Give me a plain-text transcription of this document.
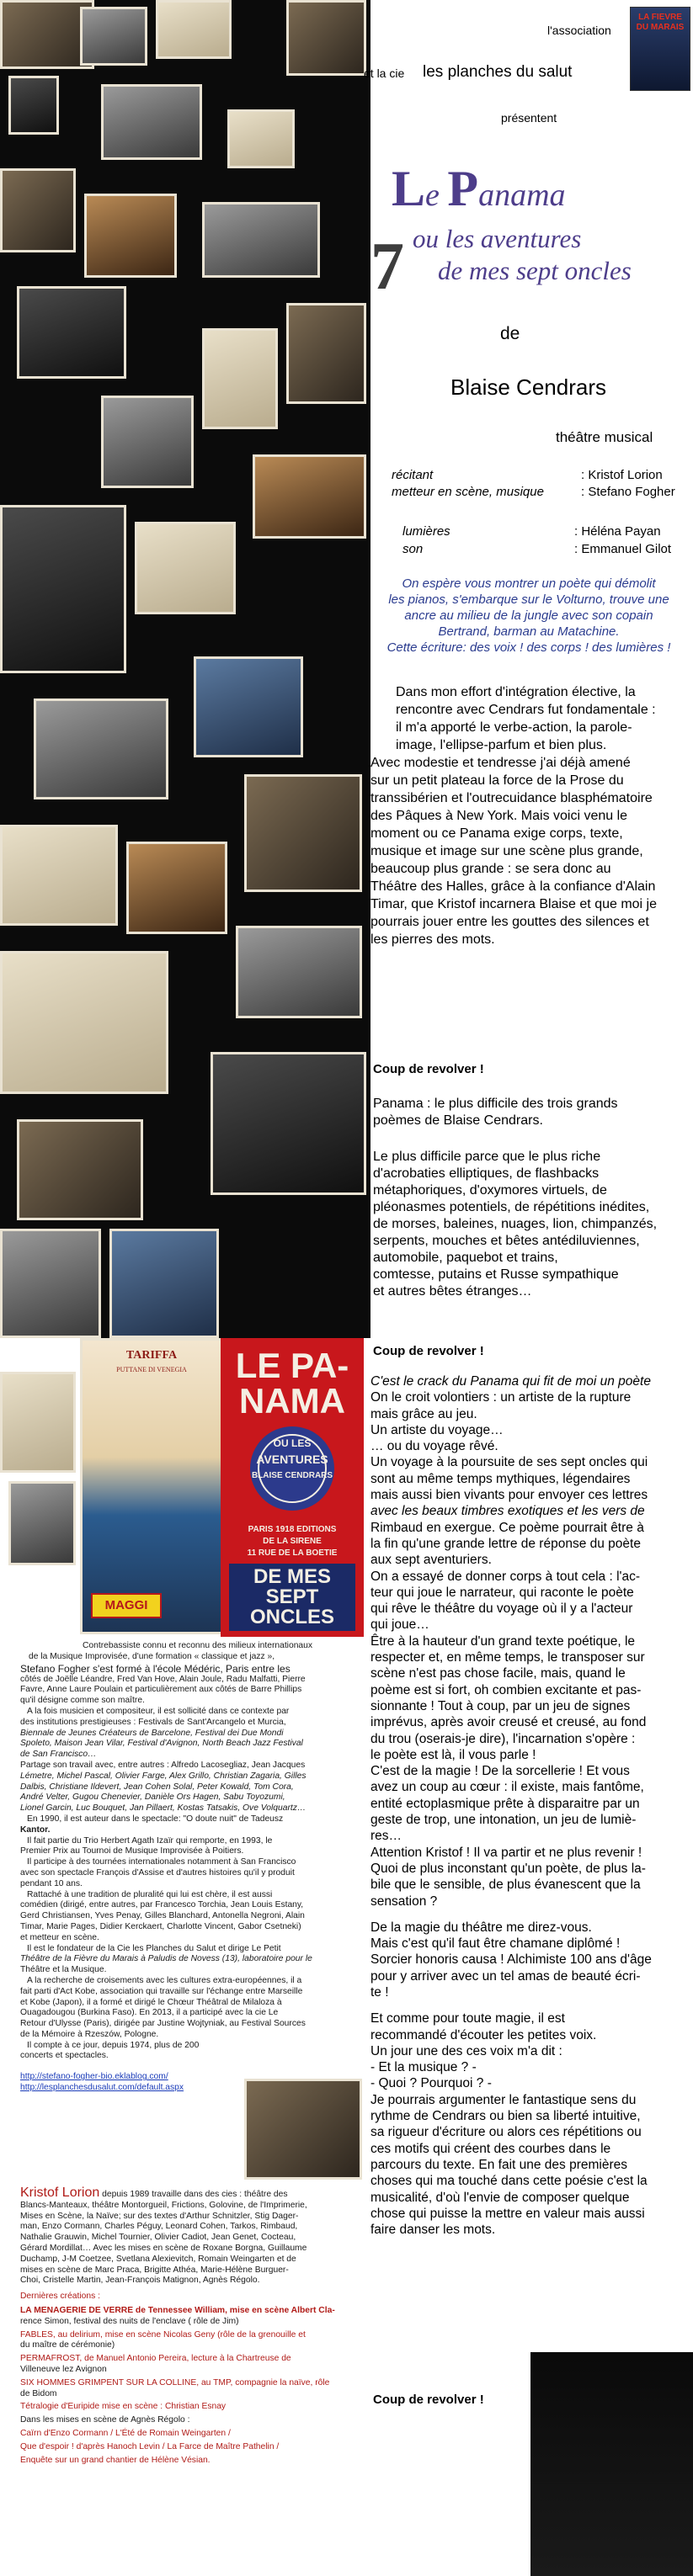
TARIFFA
PUTTANE DI VENEGIA
MAGGI
LE PA-
NAMA
OU LES
AVENTURES
BLAISE CENDRARS
PARIS 1918 EDITIONS
DE LA SIRENE
11 RUE DE LA BOETIE
DE MES
SEPT
ONCLES
l'association
LA FIEVRE
DU MARAIS
et la cie les planches du salut
présentent
Le Panama
ou les aventures
7 de mes sept oncles
de
Blaise Cendrars
théâtre musical
récitant	: Kristof Lorion
metteur en scène, musique	: Stefano Fogher
lumières	: Héléna Payan
son	: Emmanuel Gilot
On espère vous montrer un poète qui démolit
les pianos, s'embarque sur le Volturno, trouve une
ancre au milieu de la jungle avec son copain
Bertrand, barman au Matachine.
Cette écriture: des voix ! des corps ! des lumières !
Dans mon effort d'intégration élective, la
rencontre avec Cendrars fut fondamentale :
il m'a apporté le verbe-action, la parole-
image, l'ellipse-parfum et bien plus.
Avec modestie et tendresse j'ai déjà amené
sur un petit plateau la force de la Prose du
transsibérien et l'outrecuidance blasphématoire
des Pâques à New York. Mais voici venu le
moment ou ce Panama exige corps, texte,
musique et image sur une scène plus grande,
beaucoup plus grande : se sera donc au
Théâtre des Halles, grâce à la confiance d'Alain
Timar, que Kristof incarnera Blaise et que moi je
pourrais jouer entre les gouttes des silences et
les pierres des mots.
Coup de revolver !
Panama : le plus difficile des trois grands
poèmes de Blaise Cendrars.
Le plus difficile parce que le plus riche
d'acrobaties elliptiques, de flashbacks
métaphoriques, d'oxymores virtuels, de
pléonasmes potentiels, de répétitions inédites,
de morses, baleines, nuages, lion, chimpanzés,
serpents, mouches et bêtes antédiluviennes,
automobile, paquebot et trains,
comtesse, putains et Russe sympathique
et autres bêtes étranges…
Coup de revolver !
C'est le crack du Panama qui fit de moi un poète
On le croit volontiers : un artiste de la rupture
mais grâce au jeu.
Un artiste du voyage…
… ou du voyage rêvé.
Un voyage à la poursuite de ses sept oncles qui
sont au même temps mythiques, légendaires
mais aussi bien vivants pour envoyer ces lettres
avec les beaux timbres exotiques et les vers de
Rimbaud en exergue. Ce poème pourrait être à
la fin qu'une grande lettre de réponse du poète
aux sept aventuriers.
On a essayé de donner corps à tout cela : l'ac-
teur qui joue le narrateur, qui raconte le poète
qui rêve le théâtre du voyage où il y a l'acteur
qui joue…
Être à la hauteur d'un grand texte poétique, le
respecter et, en même temps, le transposer sur
scène n'est pas chose facile, mais, quand le
poème est si fort, oh combien excitante et pas-
sionnante ! Tout à coup, par un jeu de signes
imprévus, après avoir creusé et creusé, au fond
du trou (oserais-je dire), l'incarnation s'opère :
le poète est là, il vous parle !
C'est de la magie ! De la sorcellerie ! Et vous
avez un coup au cœur : il existe, mais fantôme,
entité ectoplasmique prête à disparaitre par un
geste de trop, une intonation, un jeu de lumiè-
res…
Attention Kristof ! Il va partir et ne plus revenir !
Quoi de plus inconstant qu'un poète, de plus la-
bile que le sensible, de plus évanescent que la
sensation ?
De la magie du théâtre me direz-vous.
Mais c'est qu'il faut être chamane diplômé !
Sorcier honoris causa ! Alchimiste 100 ans d'âge
pour y arriver avec un tel amas de beauté écri-
te !
Et comme pour toute magie, il est
recommandé d'écouter les petites voix.
Un jour une des ces voix m'a dit :
- Et la musique ? -
- Quoi ? Pourquoi ? -
Je pourrais argumenter le fantastique sens du
rythme de Cendrars ou bien sa liberté intuitive,
sa rigueur d'écriture ou alors ces répétitions ou
ces motifs qui créent des courbes dans le
parcours du texte. En fait une des premières
choses qui ma touché dans cette poésie c'est la
musicalité, d'où l'envie de composer quelque
chose qui puisse la mettre en valeur mais aussi
faire danser les mots.
Coup de revolver !
Contrebassiste connu et reconnu des milieux internationaux
de la Musique Improvisée, d'une formation « classique et jazz »,
Stefano Fogher s'est formé à l'école Médéric, Paris entre les
côtés de Joëlle Léandre, Fred Van Hove, Alain Joule, Radu Malfatti, Pierre
Favre, Anne Laure Poulain et particulièrement aux côtés de Barre Phillips
qu'il désigne comme son maître.
A la fois musicien et compositeur, il est sollicité dans ce contexte par
des institutions prestigieuses : Festivals de Sant'Arcangelo et Murcia,
Biennale de Jeunes Créateurs de Barcelone, Festival dei Due Mondi
Spoleto, Maison Jean Vilar, Festival d'Avignon, North Beach Jazz Festival
de San Francisco…
Partage son travail avec, entre autres : Alfredo Lacosegliaz, Jean Jacques
Lémetre, Michel Pascal, Olivier Farge, Alex Grillo, Christian Zagaria, Gilles
Dalbis, Christiane Ildevert, Jean Cohen Solal, Peter Kowald, Tom Cora,
André Velter, Gugou Chenevier, Danièle Ors Hagen, Sabu Toyozumi,
Lionel Garcin, Luc Bouquet, Jan Pillaert, Kostas Tatsakis, Ove Volquartz…
En 1990, il est auteur dans le spectacle: "O doute nuit" de Tadeusz
Kantor.
Il fait partie du Trio Herbert Agath Izaïr qui remporte, en 1993, le
Premier Prix au Tournoi de Musique Improvisée à Poitiers.
Il participe à des tournées internationales notamment à San Francisco
avec son spectacle François d'Assise et d'autres histoires qu'il y produit
pendant 10 ans.
Rattaché à une tradition de pluralité qui lui est chère, il est aussi
comédien (dirigé, entre autres, par Francesco Torchia, Jean Louis Estany,
Gerd Christiansen, Yves Penay, Gilles Blanchard, Antonella Negroni, Alain
Timar, Marie Pages, Didier Kerckaert, Charlotte Vincent, Gabor Csetneki)
et metteur en scène.
Il est le fondateur de la Cie les Planches du Salut et dirige Le Petit
Théâtre de la Fièvre du Marais à Paludis de Novess (13), laboratoire pour le
Théâtre et la Musique.
A la recherche de croisements avec les cultures extra-européennes, il a
fait parti d'Act Kobe, association qui travaille sur l'échange entre Marseille
et Kobe (Japon), il a formé et dirigé le Chœur Théâtral de Milaloza à
Ouagadougou (Burkina Faso). En 2013, il a participé avec la cie Le
Retour d'Ulysse (Paris), dirigée par Justine Wojtyniak, au Festival Sources
de la Mémoire à Rzeszów, Pologne.
Il compte à ce jour, depuis 1974, plus de 200
concerts et spectacles.
http://stefano-fogher-bio.eklablog.com/
http://lesplanchesdusalut.com/default.aspx
Kristof Lorion depuis 1989 travaille dans des cies : théâtre des
Blancs-Manteaux, théâtre Montorgueil, Frictions, Golovine, de l'Imprimerie,
Mises en Scène, la Naïve; sur des textes d'Arthur Schnitzler, Stig Dager-
man, Enzo Cormann, Charles Péguy, Leonard Cohen, Tarkos, Rimbaud,
Nathalie Grauwin, Michel Tournier, Olivier Cadiot, Jean Genet, Cocteau,
Gérard Mordillat… Avec les mises en scène de Roxane Borgna, Guillaume
Duchamp, J-M Coetzee, Svetlana Alexievitch, Romain Weingarten et de
mises en scène de Marc Praca, Brigitte Athéa, Marie-Hélène Burguer-
Choi, Cristelle Martin, Jean-François Matignon, Agnès Régolo.
Dernières créations :
LA MENAGERIE DE VERRE de Tennessee William, mise en scène Albert Cla-
rence Simon, festival des nuits de l'enclave ( rôle de Jim)
FABLES, au delirium, mise en scène Nicolas Geny (rôle de la grenouille et
du maître de cérémonie)
PERMAFROST, de Manuel Antonio Pereira, lecture à la Chartreuse de
Villeneuve lez Avignon
SIX HOMMES GRIMPENT SUR LA COLLINE, au TMP, compagnie la naïve, rôle
de Bidom
Tétralogie d'Euripide mise en scène : Christian Esnay
Dans les mises en scène de Agnès Régolo :
Caïrn d'Enzo Cormann / L'Été de Romain Weingarten /
Que d'espoir ! d'après Hanoch Levin / La Farce de Maître Pathelin /
Enquête sur un grand chantier de Hélène Vésian.
